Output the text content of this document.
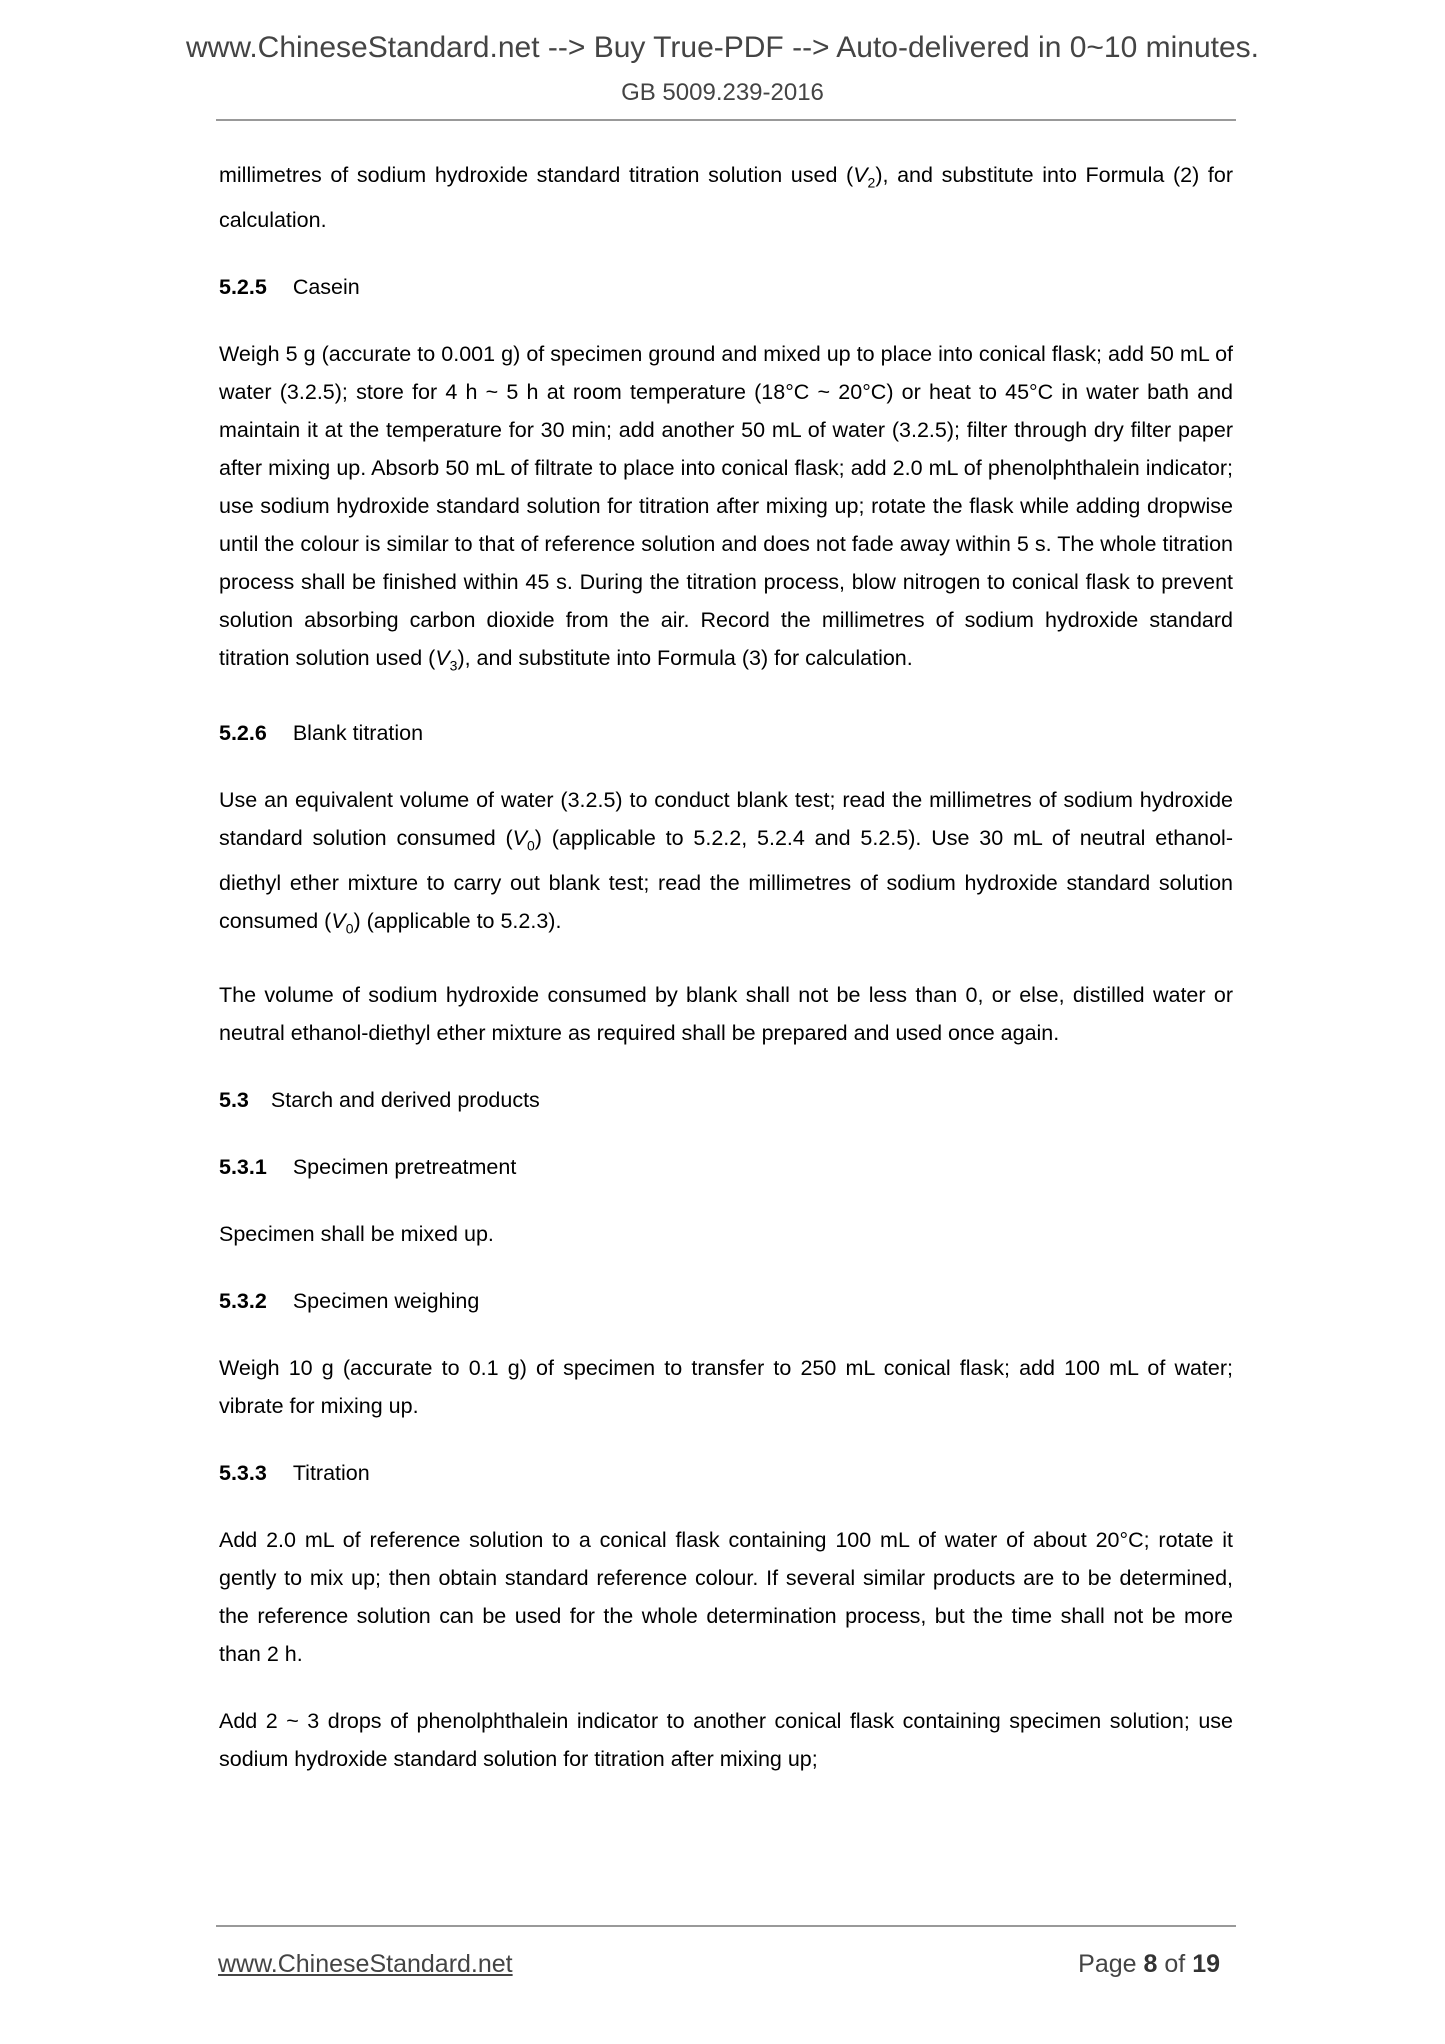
www.ChineseStandard.net --> Buy True-PDF --> Auto-delivered in 0~10 minutes.
GB 5009.239-2016

millimetres of sodium hydroxide standard titration solution used $(V_2)$, and substitute into Formula (2) for calculation.

5.2.5 Casein

Weigh 5 g (accurate to 0.001 g) of specimen ground and mixed up to place into conical flask; add 50 mL of water (3.2.5); store for 4 h ~ 5 h at room temperature (18°C ~ 20°C) or heat to 45°C in water bath and maintain it at the temperature for 30 min; add another 50 mL of water (3.2.5); filter through dry filter paper after mixing up. Absorb 50 mL of filtrate to place into conical flask; add 2.0 mL of phenolphthalein indicator; use sodium hydroxide standard solution for titration after mixing up; rotate the flask while adding dropwise until the colour is similar to that of reference solution and does not fade away within 5 s. The whole titration process shall be finished within 45 s. During the titration process, blow nitrogen to conical flask to prevent solution absorbing carbon dioxide from the air. Record the millimetres of sodium hydroxide standard titration solution used $(V_3)$, and substitute into Formula (3) for calculation.

5.2.6 Blank titration

Use an equivalent volume of water (3.2.5) to conduct blank test; read the millimetres of sodium hydroxide standard solution consumed $(V_0)$ (applicable to 5.2.2, 5.2.4 and 5.2.5). Use 30 mL of neutral ethanol-diethyl ether mixture to carry out blank test; read the millimetres of sodium hydroxide standard solution consumed $(V_0)$ (applicable to 5.2.3).

The volume of sodium hydroxide consumed by blank shall not be less than 0, or else, distilled water or neutral ethanol-diethyl ether mixture as required shall be prepared and used once again.

5.3 Starch and derived products
5.3.1 Specimen pretreatment

Specimen shall be mixed up.

5.3.2 Specimen weighing

Weigh 10 g (accurate to 0.1 g) of specimen to transfer to 250 mL conical flask; add 100 mL of water; vibrate for mixing up.

5.3.3 Titration

Add 2.0 mL of reference solution to a conical flask containing 100 mL of water of about 20°C; rotate it gently to mix up; then obtain standard reference colour. If several similar products are to be determined, the reference solution can be used for the whole determination process, but the time shall not be more than 2 h.

Add 2 ~ 3 drops of phenolphthalein indicator to another conical flask containing specimen solution; use sodium hydroxide standard solution for titration after mixing up;

www.ChineseStandard.net	Page 8 of 19
